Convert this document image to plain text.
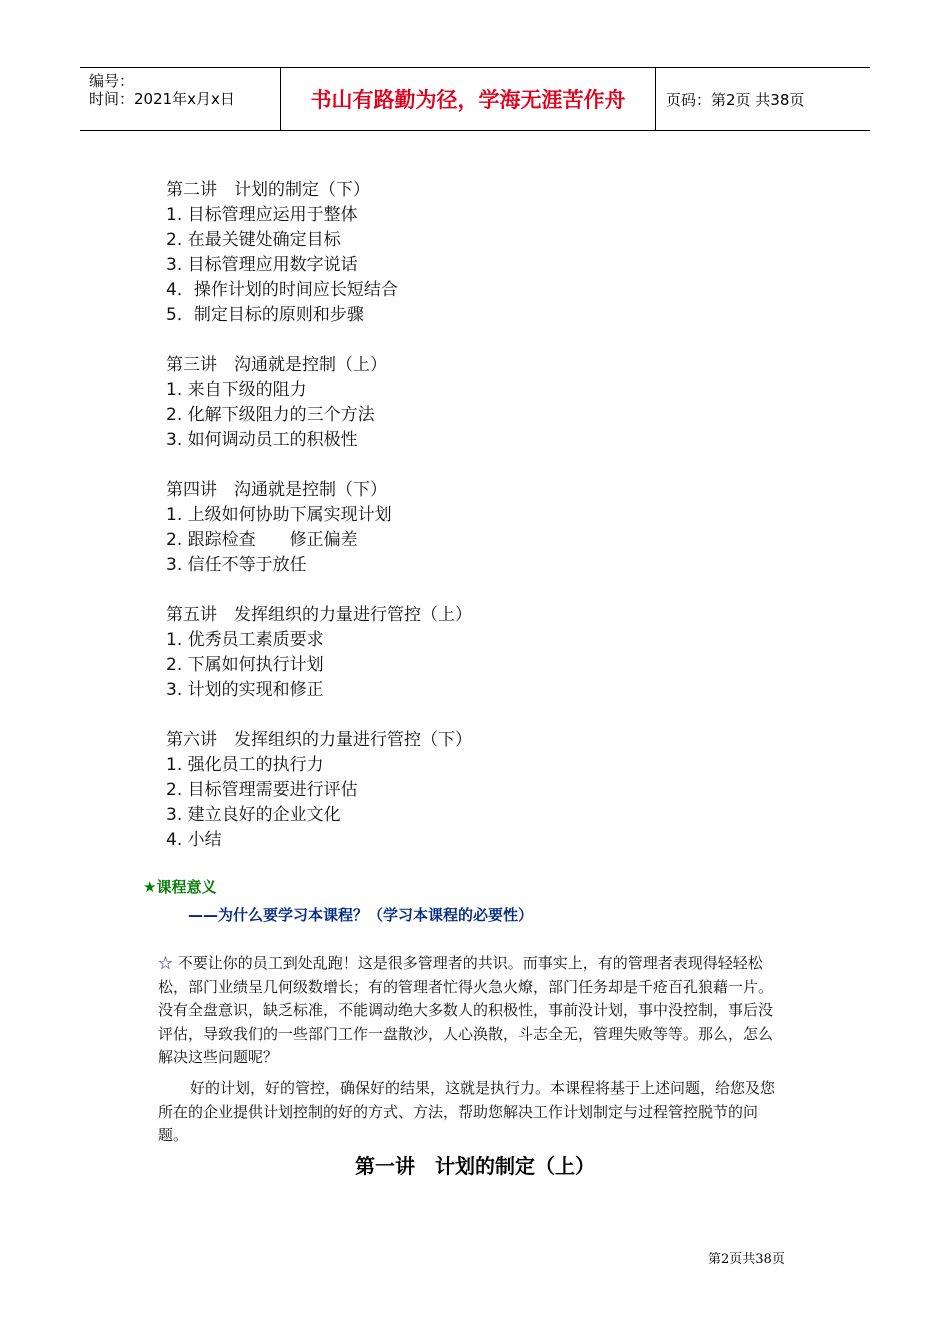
编号：
时间：2021年x月x日	书山有路勤为径，学海无涯苦作舟	页码：第2页 共38页
第二讲　计划的制定（下）
1. 目标管理应运用于整体
2. 在最关键处确定目标
3. 目标管理应用数字说话
4．操作计划的时间应长短结合
5．制定目标的原则和步骤
第三讲　沟通就是控制（上）
1. 来自下级的阻力
2. 化解下级阻力的三个方法
3. 如何调动员工的积极性
第四讲　沟通就是控制（下）
1. 上级如何协助下属实现计划
2. 跟踪检查　　修正偏差
3. 信任不等于放任
第五讲　发挥组织的力量进行管控（上）
1. 优秀员工素质要求
2. 下属如何执行计划
3. 计划的实现和修正
第六讲　发挥组织的力量进行管控（下）
1. 强化员工的执行力
2. 目标管理需要进行评估
3. 建立良好的企业文化
4. 小结
★课程意义
——为什么要学习本课程？（学习本课程的必要性）
☆ 不要让你的员工到处乱跑！这是很多管理者的共识。而事实上，有的管理者表现得轻轻松松，部门业绩呈几何级数增长；有的管理者忙得火急火燎，部门任务却是千疮百孔狼藉一片。没有全盘意识，缺乏标准，不能调动绝大多数人的积极性，事前没计划，事中没控制，事后没评估，导致我们的一些部门工作一盘散沙，人心涣散，斗志全无，管理失败等等。那么，怎么解决这些问题呢？
好的计划，好的管控，确保好的结果，这就是执行力。本课程将基于上述问题，给您及您所在的企业提供计划控制的好的方式、方法，帮助您解决工作计划制定与过程管控脱节的问题。
第一讲　计划的制定（上）
第2页共38页
